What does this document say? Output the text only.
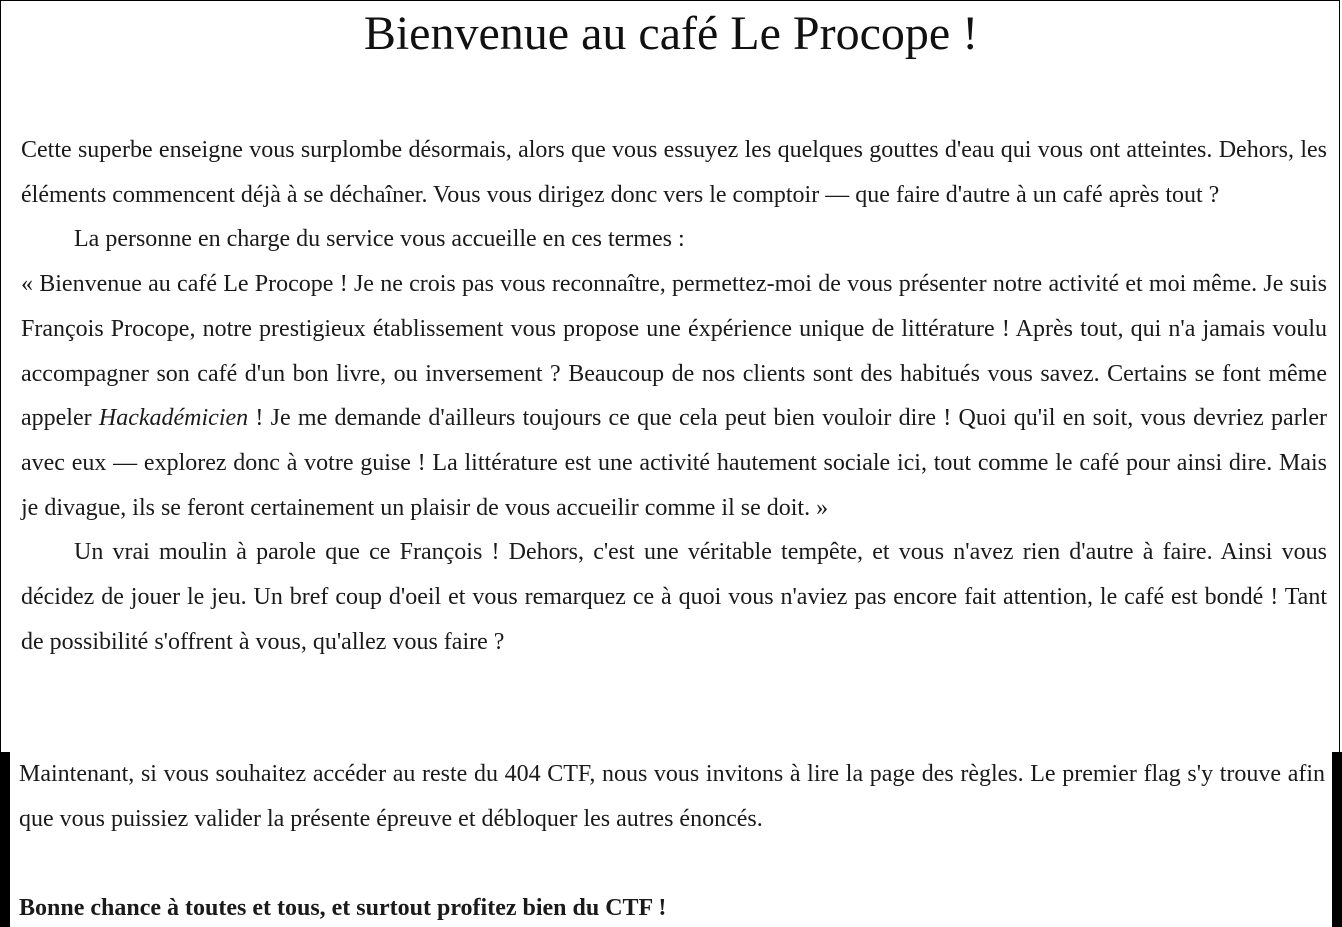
Bienvenue au café Le Procope !

Cette superbe enseigne vous surplombe désormais, alors que vous essuyez les quelques gouttes d'eau qui vous ont atteintes. Dehors, les éléments commencent déjà à se déchaîner. Vous vous dirigez donc vers le comptoir — que faire d'autre à un café après tout ?

La personne en charge du service vous accueille en ces termes :

« Bienvenue au café Le Procope ! Je ne crois pas vous reconnaître, permettez-moi de vous présenter notre activité et moi même. Je suis François Procope, notre prestigieux établissement vous propose une éxpérience unique de littérature ! Après tout, qui n'a jamais voulu accompagner son café d'un bon livre, ou inversement ? Beaucoup de nos clients sont des habitués vous savez. Certains se font même appeler Hackadémicien ! Je me demande d'ailleurs toujours ce que cela peut bien vouloir dire ! Quoi qu'il en soit, vous devriez parler avec eux — explorez donc à votre guise ! La littérature est une activité hautement sociale ici, tout comme le café pour ainsi dire. Mais je divague, ils se feront certainement un plaisir de vous accueilir comme il se doit. »

Un vrai moulin à parole que ce François ! Dehors, c'est une véritable tempête, et vous n'avez rien d'autre à faire. Ainsi vous décidez de jouer le jeu. Un bref coup d'oeil et vous remarquez ce à quoi vous n'aviez pas encore fait attention, le café est bondé ! Tant de possibilité s'offrent à vous, qu'allez vous faire ?

Maintenant, si vous souhaitez accéder au reste du 404 CTF, nous vous invitons à lire la page des règles. Le premier flag s'y trouve afin que vous puissiez valider la présente épreuve et débloquer les autres énoncés.

Bonne chance à toutes et tous, et surtout profitez bien du CTF !
